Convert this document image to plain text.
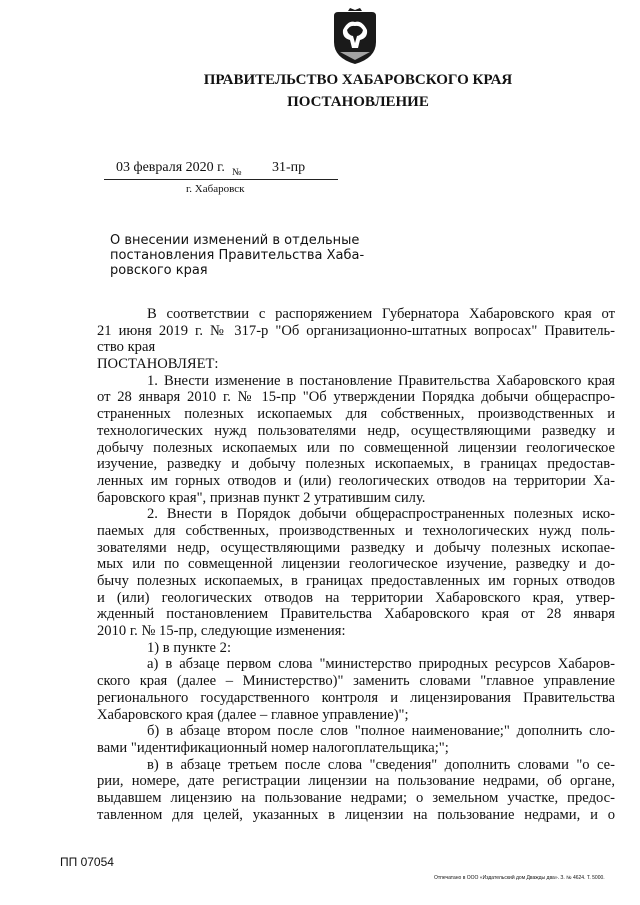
ПРАВИТЕЛЬСТВО ХАБАРОВСКОГО КРАЯ
ПОСТАНОВЛЕНИЕ
03 февраля 2020 г. № 31-пр
г. Хабаровск
О внесении изменений в отдельные
постановления Правительства Хаба-
ровского края
В соответствии с распоряжением Губернатора Хабаровского края от
21 июня 2019 г. № 317-р "Об организационно-штатных вопросах" Правитель-
ство края
ПОСТАНОВЛЯЕТ:
1. Внести изменение в постановление Правительства Хабаровского края
от 28 января 2010 г. № 15-пр "Об утверждении Порядка добычи общераспро-
страненных полезных ископаемых для собственных, производственных и
технологических нужд пользователями недр, осуществляющими разведку и
добычу полезных ископаемых или по совмещенной лицензии геологическое
изучение, разведку и добычу полезных ископаемых, в границах предостав-
ленных им горных отводов и (или) геологических отводов на территории Ха-
баровского края", признав пункт 2 утратившим силу.
2. Внести в Порядок добычи общераспространенных полезных иско-
паемых для собственных, производственных и технологических нужд поль-
зователями недр, осуществляющими разведку и добычу полезных ископае-
мых или по совмещенной лицензии геологическое изучение, разведку и до-
бычу полезных ископаемых, в границах предоставленных им горных отводов
и (или) геологических отводов на территории Хабаровского края, утвер-
жденный постановлением Правительства Хабаровского края от 28 января
2010 г. № 15-пр, следующие изменения:
1) в пункте 2:
а) в абзаце первом слова "министерство природных ресурсов Хабаров-
ского края (далее – Министерство)" заменить словами "главное управление
регионального государственного контроля и лицензирования Правительства
Хабаровского края (далее – главное управление)";
б) в абзаце втором после слов "полное наименование;" дополнить сло-
вами "идентификационный номер налогоплательщика;";
в) в абзаце третьем после слова "сведения" дополнить словами "о се-
рии, номере, дате регистрации лицензии на пользование недрами, об органе,
выдавшем лицензию на пользование недрами; о земельном участке, предос-
тавленном для целей, указанных в лицензии на пользование недрами, и о
ПП 07054
Отпечатано в ООО «Издательский дом Дважды два». З. № 4624. Т. 5000.
